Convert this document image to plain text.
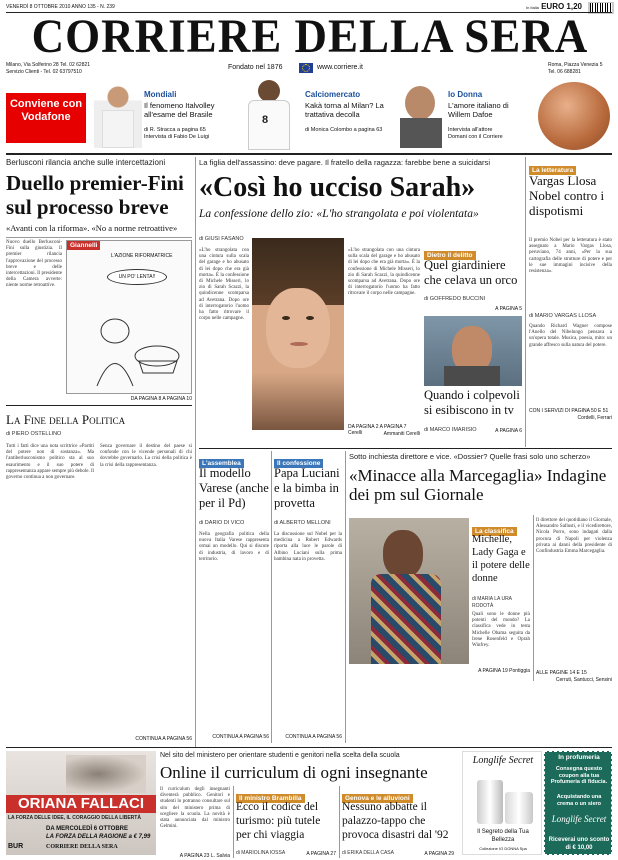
VENERDÌ 8 OTTOBRE 2010 ANNO 135 - N. 239	In Italia EURO 1,20
CORRIERE DELLA SERA
Milano, Via Solferino 28 Tel. 02 62821
Servizio Clienti - Tel. 02 63797510
Roma, Piazza Venezia 5
Tel. 06 688281
Fondato nel 1876	www.corriere.it
Conviene con Vodafone
Mondiali
Il fenomeno Italvolley all'esame del Brasile
di R. Stracca a pagina 65
Intervista di Fabio De Luigi
8
Calciomercato
Kakà torna al Milan? La trattativa decolla
di Monica Colombo a pagina 63
Io Donna
L'amore italiano di Willem Dafoe
Intervista all'attore
Domani con il Corriere
Berlusconi rilancia anche sulle intercettazioni
Duello premier-Fini sul processo breve
«Avanti con la riforma». «No a norme retroattive»
Nuovo duello Berlusconi-Fini sulla giustizia. Il premier rilancia l'approvazione del processo breve e delle intercettazioni. Il presidente della Camera avverte: niente norme retroattive.
Giannelli
L'AZIONE RIFORMATRICE
UN PO' LENTA!!
DA PAGINA 8 A PAGINA 10
La Fine della Politica
di PIERO OSTELLINO
Tutti i fatti dice una nota scrittrice «Partiti del potere non di sostanza». Ma l'antiberlusconismo politico sta al suo esaurimento e il suo potere di rappresentanza appare sempre più debole. Il governo continua a non governare.
Senza governare il destino del paese si confonde con le vicende personali di chi dovrebbe governarlo. La crisi della politica è la crisi della rappresentanza.
CONTINUA A PAGINA 56
La figlia dell'assassino: deve pagare. Il fratello della ragazza: farebbe bene a suicidarsi
«Così ho ucciso Sarah»
La confessione dello zio: «L'ho strangolata e poi violentata»
di GIUSI FASANO
«L'ho strangolata con una cintura sulla scala del garage e ho abusato di lei dopo che era già morta». È la confessione di Michele Misseri, lo zio di Sarah Scazzi, la quindicenne scomparsa ad Avetrana. Dopo ore di interrogatorio l'uomo ha fatto ritrovare il corpo nelle campagne.
«L'ho strangolata con una cintura sulla scala del garage e ho abusato di lei dopo che era già morta». È la confessione di Michele Misseri, lo zio di Sarah Scazzi, la quindicenne scomparsa ad Avetrana. Dopo ore di interrogatorio l'uomo ha fatto ritrovare il corpo nelle campagne.
DA PAGINA 2 A PAGINA 7 Cerelli	Ammaniti Cerelli
Dietro il delitto
Quel giardiniere che celava un orco
di GOFFREDO BUCCINI
A PAGINA 5
Quando i colpevoli si esibiscono in tv
di MARCO IMARISIO	A PAGINA 6
La letteratura
Vargas Llosa Nobel contro i dispotismi
Il premio Nobel per la letteratura è stato assegnato a Mario Vargas Llosa, peruviano, 74 anni, «Per la sua cartografia delle strutture di potere e per le sue immagini incisive della resistenza».
di MARIO VARGAS LLOSA
Quando Richard Wagner compose l'Anello del Nibelungo pensava a un'opera totale. Musica, poesia, mito: un grande affresco sulla natura del potere.
CON I SERVIZI DI PAGINA 50 E 51
Cordelli, Ferrari
L'assemblea
Il modello Varese (anche per il Pd)
di DARIO DI VICO
Nella geografia politica della nuova Italia Varese rappresenta ormai un modello. Qui si discute di industria, di lavoro e di territorio.
CONTINUA A PAGINA 56
Il confessione
Papa Luciani e la bimba in provetta
di ALBERTO MELLONI
La discussione sul Nobel per la medicina a Robert Edwards riporta alla luce le parole di Albino Luciani sulla prima bambina nata in provetta.
CONTINUA A PAGINA 56
Sotto inchiesta direttore e vice. «Dossier? Quelle frasi solo uno scherzo»
«Minacce alla Marcegaglia» Indagine dei pm sul Giornale
La classifica
Michelle, Lady Gaga e il potere delle donne
di MARIA LA URA RODOTÀ
Quali sono le donne più potenti del mondo? La classifica vede in testa Michelle Obama seguita da Irene Rosenfeld e Oprah Winfrey.
A PAGINA 19 Pontiggia
Il direttore del quotidiano il Giornale, Alessandro Sallusti, e il vicedirettore, Nicola Porro, sono indagati dalla procura di Napoli per violenza privata ai danni della presidente di Confindustria Emma Marcegaglia.
ALLE PAGINE 14 E 15
Cerruti, Santucci, Sensini
Nel sito del ministero per orientare studenti e genitori nella scelta della scuola
Online il curriculum di ogni insegnante
Il curriculum degli insegnanti diventerà pubblico. Genitori e studenti lo potranno consultare sul sito del ministero prima di scegliere la scuola. La novità è stata annunciata dal ministro Gelmini.
A PAGINA 23 L. Salvia
Il ministro Brambilla
Ecco il codice del turismo: più tutele per chi viaggia
di MARIOLINA IOSSA	A PAGINA 27
Genova e le alluvioni
Nessuno abbatte il palazzo-tappo che provoca disastri dal '92
di ERIKA DELLA CASA	A PAGINA 29
ORIANA FALLACI
LA FORZA DELLE IDEE, IL CORAGGIO DELLA LIBERTÀ
DA MERCOLEDÌ 6 OTTOBRE
LA FORZA DELLA RAGIONE a € 7,99
BUR	CORRIERE DELLA SERA
Longlife Secret
Il Segreto della Tua Bellezza
Collezione IO DONNA Spa
In profumeria
Consegna questo coupon alla tua Profumeria di fiducia.
Acquistando una crema o un siero
Longlife Secret
Riceverai uno sconto di € 10,00
